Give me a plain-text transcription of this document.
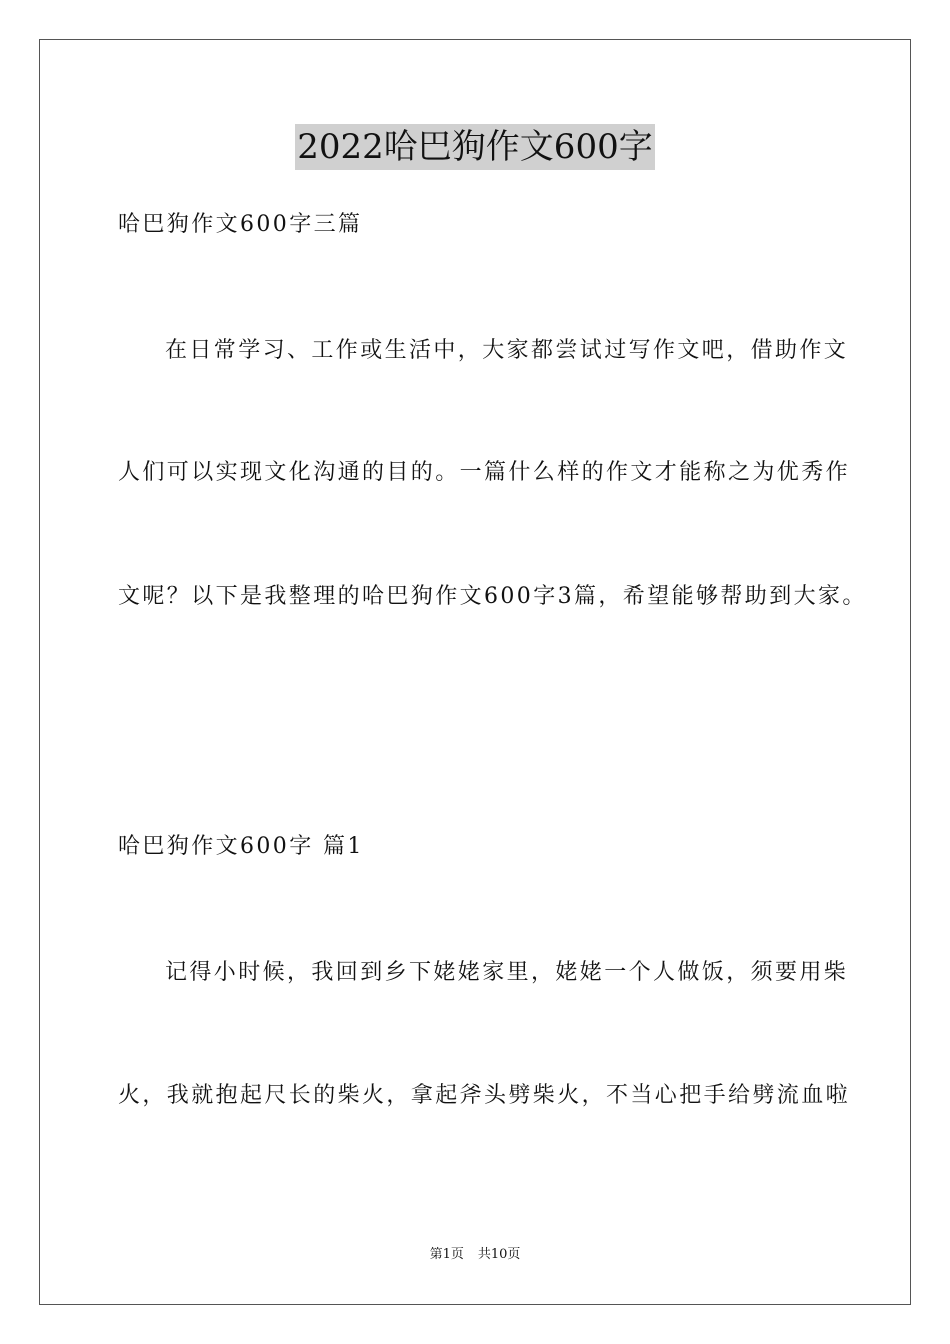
2022哈巴狗作文600字
哈巴狗作文600字三篇
在日常学习、工作或生活中，大家都尝试过写作文吧，借助作文
人们可以实现文化沟通的目的。一篇什么样的作文才能称之为优秀作
文呢？以下是我整理的哈巴狗作文600字3篇，希望能够帮助到大家。
哈巴狗作文600字 篇1
记得小时候，我回到乡下姥姥家里，姥姥一个人做饭，须要用柴
火，我就抱起尺长的柴火，拿起斧头劈柴火，不当心把手给劈流血啦
第1页 共10页
